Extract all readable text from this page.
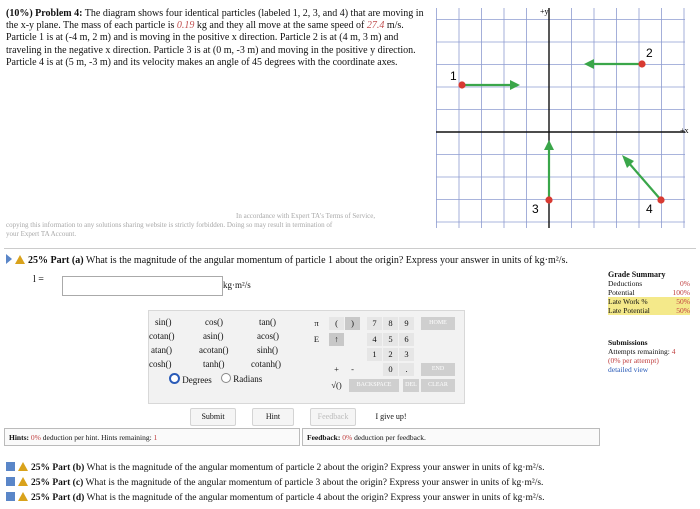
(10%) Problem 4: The diagram shows four identical particles (labeled 1, 2, 3, and 4) that are moving in the x-y plane. The mass of each particle is 0.19 kg and they all move at the same speed of 27.4 m/s. Particle 1 is at (-4 m, 2 m) and is moving in the positive x direction. Particle 2 is at (4 m, 3 m) and traveling in the negative x direction. Particle 3 is at (0 m, -3 m) and moving in the positive y direction. Particle 4 is at (5 m, -3 m) and its velocity makes an angle of 45 degrees with the coordinate axes.
+y
+x
1
2
3	4
In accordance with Expert TA's Terms of Service,
copying this information to any solutions sharing website is strictly forbidden. Doing so may result in termination of
your Expert TA Account.
25% Part (a) What is the magnitude of the angular momentum of particle 1 about the origin? Express your answer in units of kg·m²/s.
l =	kg·m²/s
Grade Summary
Deductions	0%
Potential	100%
Late Work %	50%
Late Potential	50%
sin()	cos()	tan()
cotan()	asin()	acos()
atan()	acotan()	sinh()
cosh()	tanh()	cotanh()
Degrees	Radians
π	(	)
E	↑
+	-
√()
7	8	9
4	5	6
1	2	3
0	.
HOME
END
BACKSPACE	DEL	CLEAR
Submissions
Attempts remaining: 4
(0% per attempt)
detailed view
Submit	Hint	Feedback	I give up!
Hints: 0% deduction per hint. Hints remaining: 1	Feedback: 0% deduction per feedback.
25% Part (b) What is the magnitude of the angular momentum of particle 2 about the origin? Express your answer in units of kg·m²/s.
25% Part (c) What is the magnitude of the angular momentum of particle 3 about the origin? Express your answer in units of kg·m²/s.
25% Part (d) What is the magnitude of the angular momentum of particle 4 about the origin? Express your answer in units of kg·m²/s.
